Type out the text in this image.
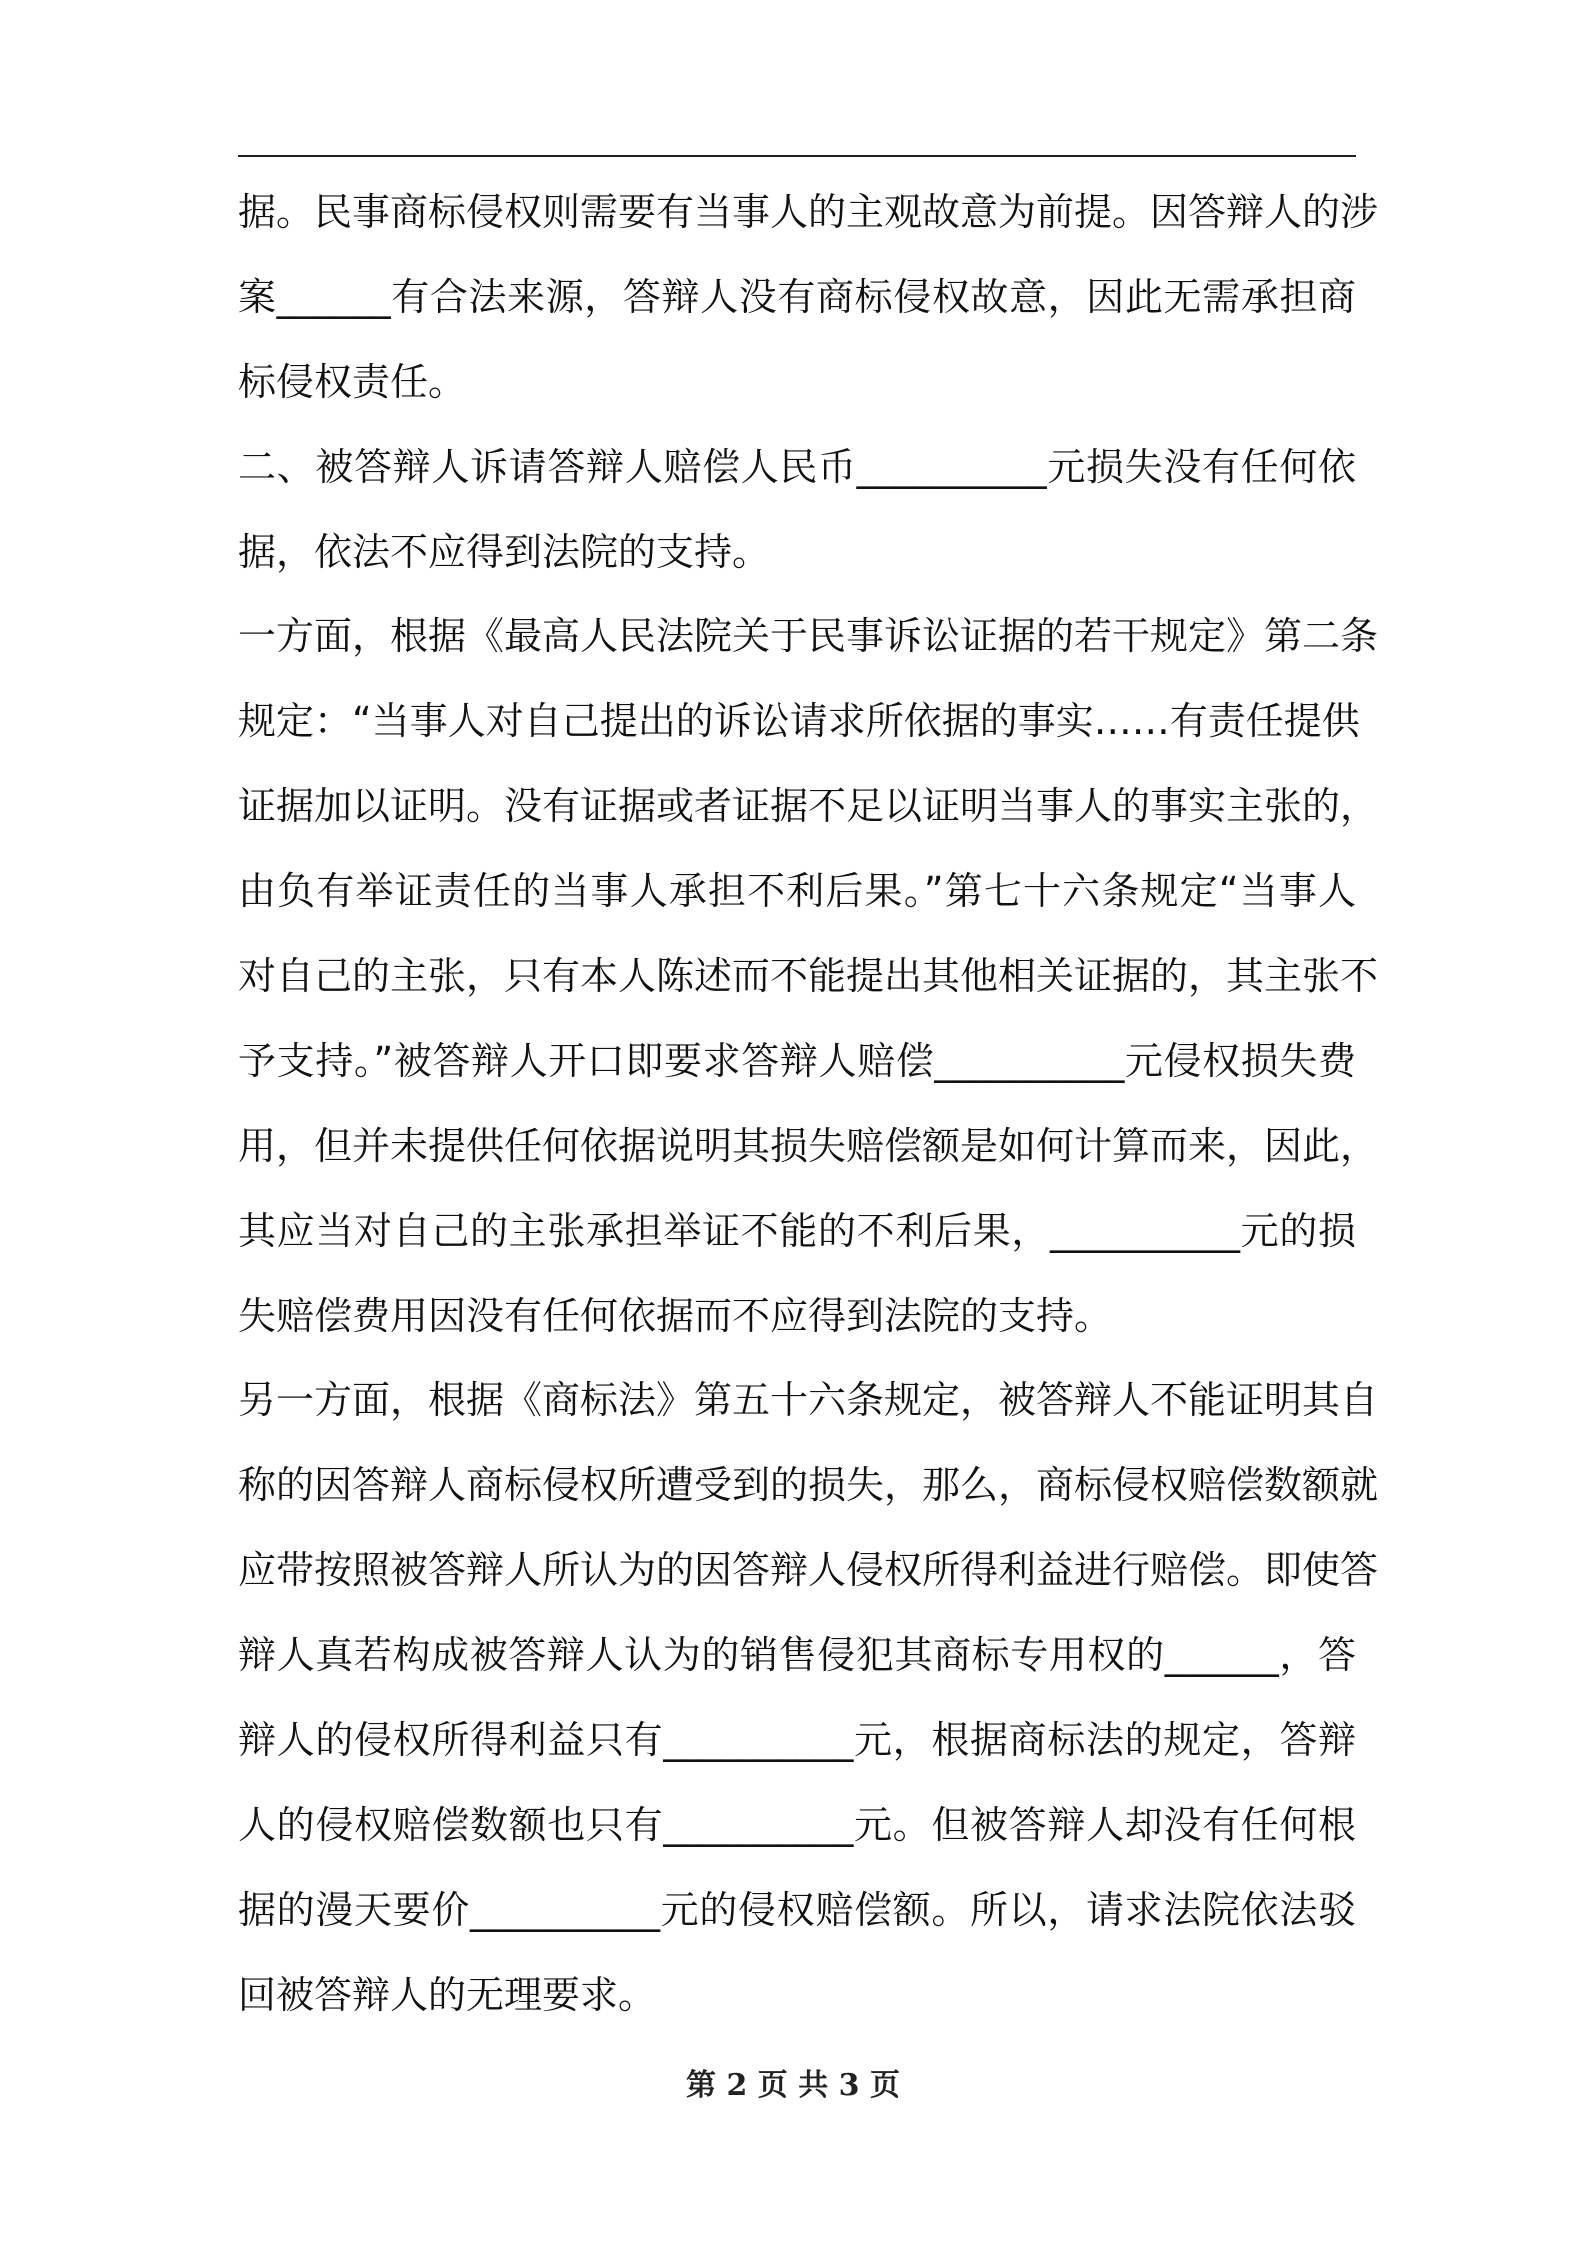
据。民事商标侵权则需要有当事人的主观故意为前提。因答辩人的涉
案______有合法来源，答辩人没有商标侵权故意，因此无需承担商
标侵权责任。
二、被答辩人诉请答辩人赔偿人民币__________元损失没有任何依
据，依法不应得到法院的支持。
一方面，根据《最高人民法院关于民事诉讼证据的若干规定》第二条
规定：“当事人对自己提出的诉讼请求所依据的事实……有责任提供
证据加以证明。没有证据或者证据不足以证明当事人的事实主张的，
由负有举证责任的当事人承担不利后果。”第七十六条规定“当事人
对自己的主张，只有本人陈述而不能提出其他相关证据的，其主张不
予支持。”被答辩人开口即要求答辩人赔偿__________元侵权损失费
用，但并未提供任何依据说明其损失赔偿额是如何计算而来，因此，
其应当对自己的主张承担举证不能的不利后果，__________元的损
失赔偿费用因没有任何依据而不应得到法院的支持。
另一方面，根据《商标法》第五十六条规定，被答辩人不能证明其自
称的因答辩人商标侵权所遭受到的损失，那么，商标侵权赔偿数额就
应带按照被答辩人所认为的因答辩人侵权所得利益进行赔偿。即使答
辩人真若构成被答辩人认为的销售侵犯其商标专用权的______，答
辩人的侵权所得利益只有__________元，根据商标法的规定，答辩
人的侵权赔偿数额也只有__________元。但被答辩人却没有任何根
据的漫天要价__________元的侵权赔偿额。所以，请求法院依法驳
回被答辩人的无理要求。
第 2 页 共 3 页
